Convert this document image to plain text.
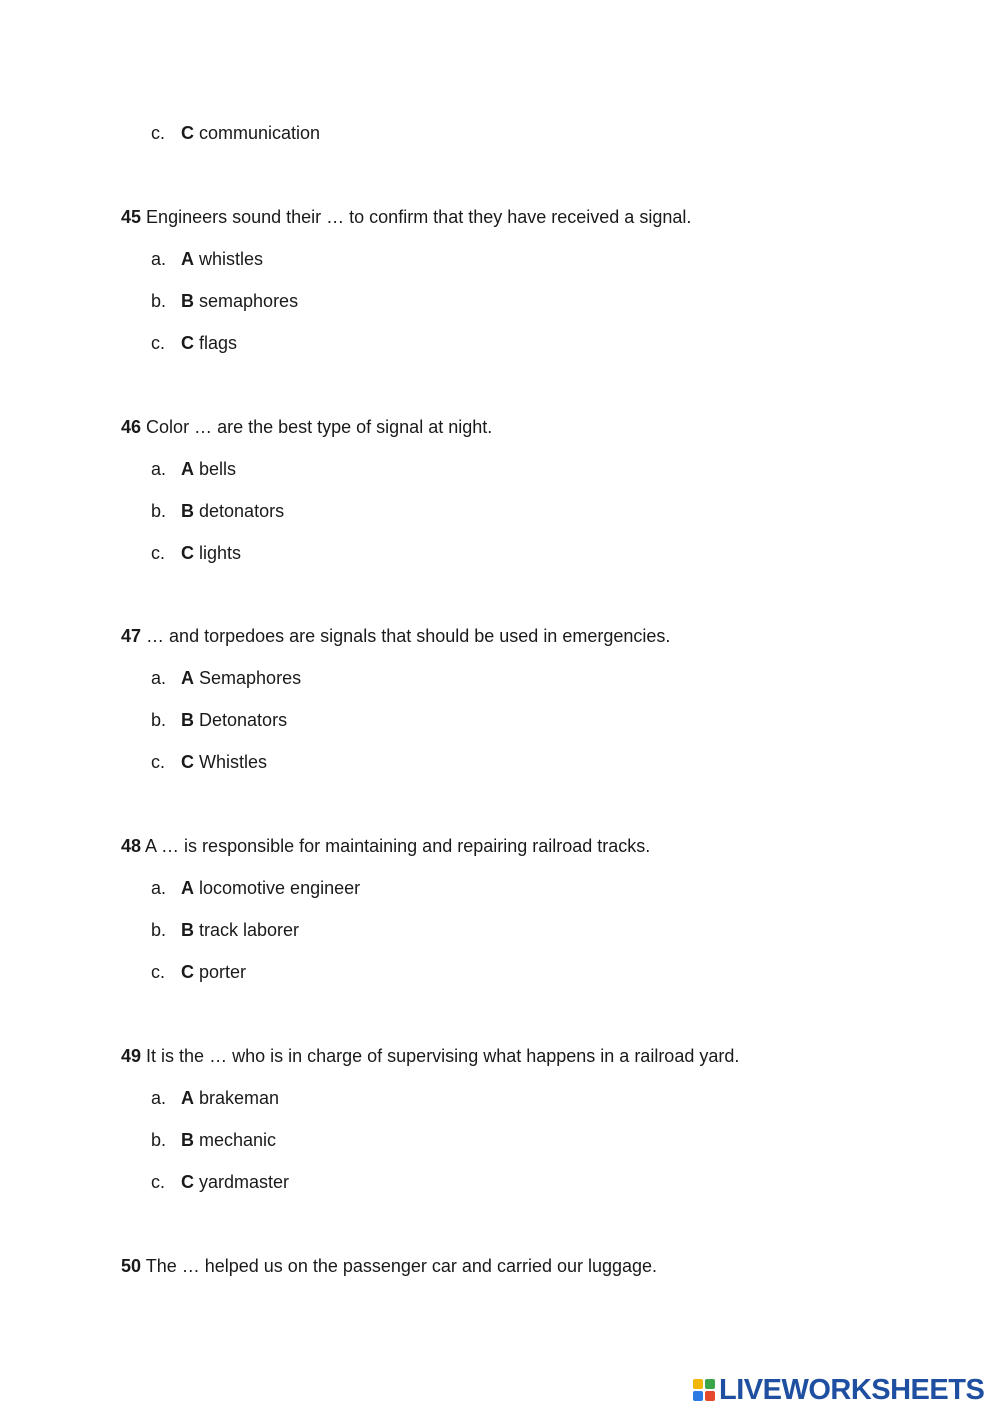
c. C communication
45 Engineers sound their … to confirm that they have received a signal.
a. A whistles
b. B semaphores
c. C flags
46 Color … are the best type of signal at night.
a. A bells
b. B detonators
c. C lights
47 … and torpedoes are signals that should be used in emergencies.
a. A Semaphores
b. B Detonators
c. C Whistles
48 A … is responsible for maintaining and repairing railroad tracks.
a. A locomotive engineer
b. B track laborer
c. C porter
49 It is the … who is in charge of supervising what happens in a railroad yard.
a. A brakeman
b. B mechanic
c. C yardmaster
50 The … helped us on the passenger car and carried our luggage.
LIVEWORKSHEETS
